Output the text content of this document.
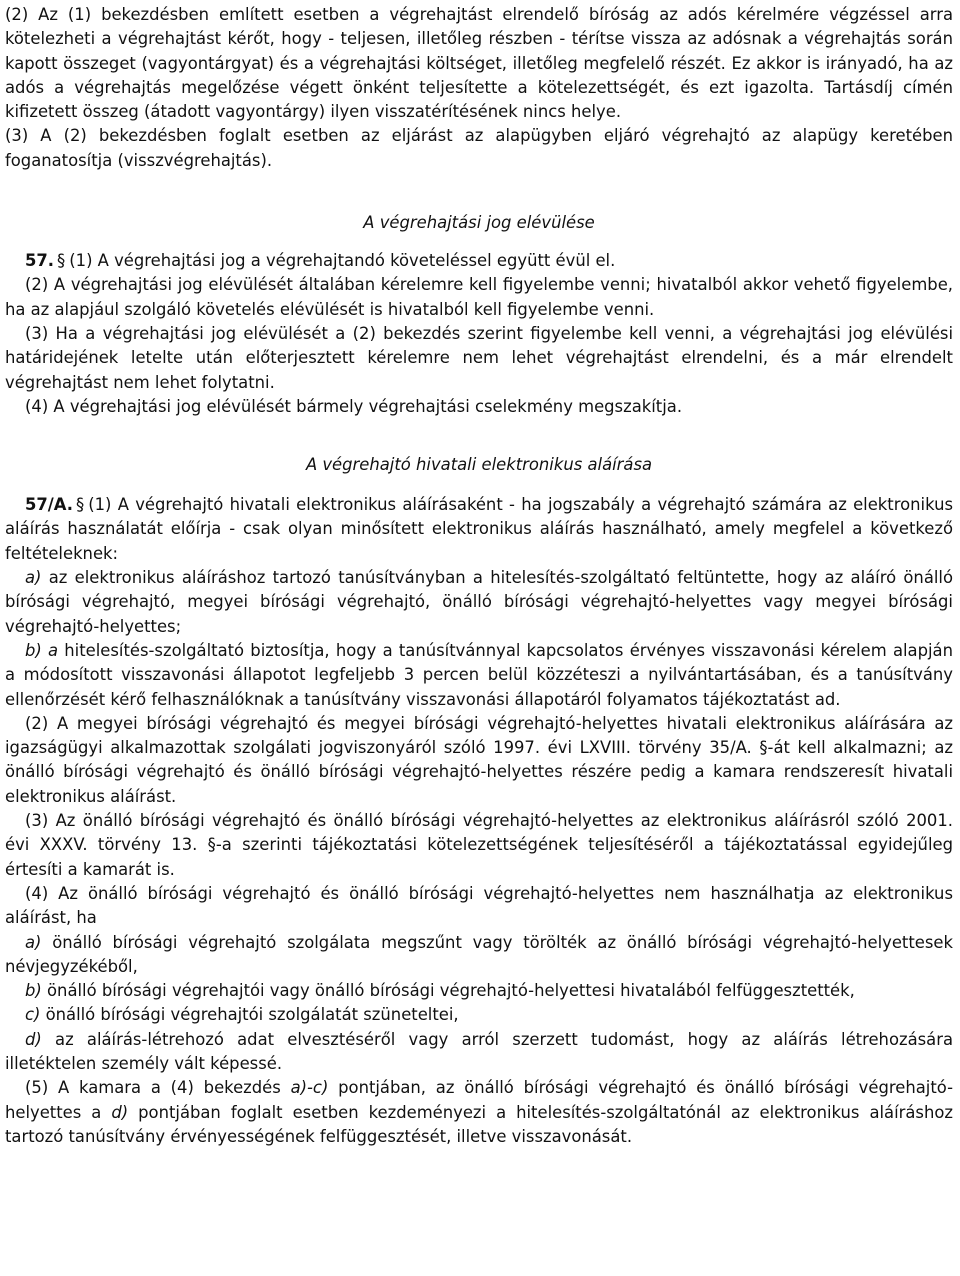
(2) Az (1) bekezdésben említett esetben a végrehajtást elrendelő bíróság az adós kérelmére végzéssel arra kötelezheti a végrehajtást kérőt, hogy - teljesen, illetőleg részben - térítse vissza az adósnak a végrehajtás során kapott összeget (vagyontárgyat) és a végrehajtási költséget, illetőleg megfelelő részét. Ez akkor is irányadó, ha az adós a végrehajtás megelőzése végett önként teljesítette a kötelezettségét, és ezt igazolta. Tartásdíj címén kifizetett összeg (átadott vagyontárgy) ilyen visszatérítésének nincs helye.

(3) A (2) bekezdésben foglalt esetben az eljárást az alapügyben eljáró végrehajtó az alapügy keretében foganatosítja (visszvégrehajtás).

A végrehajtási jog elévülése

57. § (1) A végrehajtási jog a végrehajtandó követeléssel együtt évül el.

(2) A végrehajtási jog elévülését általában kérelemre kell figyelembe venni; hivatalból akkor vehető figyelembe, ha az alapjául szolgáló követelés elévülését is hivatalból kell figyelembe venni.

(3) Ha a végrehajtási jog elévülését a (2) bekezdés szerint figyelembe kell venni, a végrehajtási jog elévülési határidejének letelte után előterjesztett kérelemre nem lehet végrehajtást elrendelni, és a már elrendelt végrehajtást nem lehet folytatni.

(4) A végrehajtási jog elévülését bármely végrehajtási cselekmény megszakítja.

A végrehajtó hivatali elektronikus aláírása

57/A. § (1) A végrehajtó hivatali elektronikus aláírásaként - ha jogszabály a végrehajtó számára az elektronikus aláírás használatát előírja - csak olyan minősített elektronikus aláírás használható, amely megfelel a következő feltételeknek:

a) az elektronikus aláíráshoz tartozó tanúsítványban a hitelesítés-szolgáltató feltüntette, hogy az aláíró önálló bírósági végrehajtó, megyei bírósági végrehajtó, önálló bírósági végrehajtó-helyettes vagy megyei bírósági végrehajtó-helyettes;

b) a hitelesítés-szolgáltató biztosítja, hogy a tanúsítvánnyal kapcsolatos érvényes visszavonási kérelem alapján a módosított visszavonási állapotot legfeljebb 3 percen belül közzéteszi a nyilvántartásában, és a tanúsítvány ellenőrzését kérő felhasználóknak a tanúsítvány visszavonási állapotáról folyamatos tájékoztatást ad.

(2) A megyei bírósági végrehajtó és megyei bírósági végrehajtó-helyettes hivatali elektronikus aláírására az igazságügyi alkalmazottak szolgálati jogviszonyáról szóló 1997. évi LXVIII. törvény 35/A. §-át kell alkalmazni; az önálló bírósági végrehajtó és önálló bírósági végrehajtó-helyettes részére pedig a kamara rendszeresít hivatali elektronikus aláírást.

(3) Az önálló bírósági végrehajtó és önálló bírósági végrehajtó-helyettes az elektronikus aláírásról szóló 2001. évi XXXV. törvény 13. §-a szerinti tájékoztatási kötelezettségének teljesítéséről a tájékoztatással egyidejűleg értesíti a kamarát is.

(4) Az önálló bírósági végrehajtó és önálló bírósági végrehajtó-helyettes nem használhatja az elektronikus aláírást, ha

a) önálló bírósági végrehajtó szolgálata megszűnt vagy törölték az önálló bírósági végrehajtó-helyettesek névjegyzékéből,

b) önálló bírósági végrehajtói vagy önálló bírósági végrehajtó-helyettesi hivatalából felfüggesztették,

c) önálló bírósági végrehajtói szolgálatát szüneteltei,

d) az aláírás-létrehozó adat elvesztéséről vagy arról szerzett tudomást, hogy az aláírás létrehozására illetéktelen személy vált képessé.

(5) A kamara a (4) bekezdés a)-c) pontjában, az önálló bírósági végrehajtó és önálló bírósági végrehajtó-helyettes a d) pontjában foglalt esetben kezdeményezi a hitelesítés-szolgáltatónál az elektronikus aláíráshoz tartozó tanúsítvány érvényességének felfüggesztését, illetve visszavonását.
